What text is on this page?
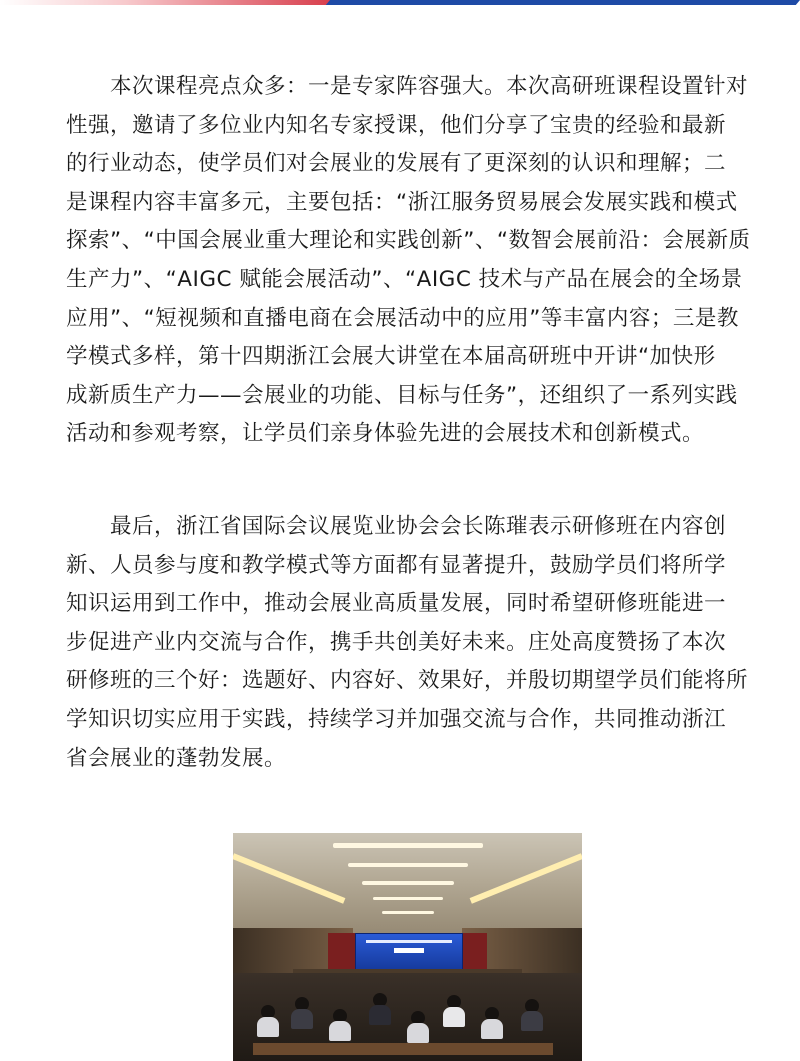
本次课程亮点众多：一是专家阵容强大。本次高研班课程设置针对
性强，邀请了多位业内知名专家授课，他们分享了宝贵的经验和最新
的行业动态，使学员们对会展业的发展有了更深刻的认识和理解；二
是课程内容丰富多元，主要包括：“浙江服务贸易展会发展实践和模式
探索”、“中国会展业重大理论和实践创新”、“数智会展前沿：会展新质
生产力”、“AIGC 赋能会展活动”、“AIGC 技术与产品在展会的全场景
应用”、“短视频和直播电商在会展活动中的应用”等丰富内容；三是教
学模式多样，第十四期浙江会展大讲堂在本届高研班中开讲“加快形
成新质生产力——会展业的功能、目标与任务”，还组织了一系列实践
活动和参观考察，让学员们亲身体验先进的会展技术和创新模式。
最后，浙江省国际会议展览业协会会长陈璀表示研修班在内容创
新、人员参与度和教学模式等方面都有显著提升，鼓励学员们将所学
知识运用到工作中，推动会展业高质量发展，同时希望研修班能进一
步促进产业内交流与合作，携手共创美好未来。庄处高度赞扬了本次
研修班的三个好：选题好、内容好、效果好，并殷切期望学员们能将所
学知识切实应用于实践，持续学习并加强交流与合作，共同推动浙江
省会展业的蓬勃发展。
